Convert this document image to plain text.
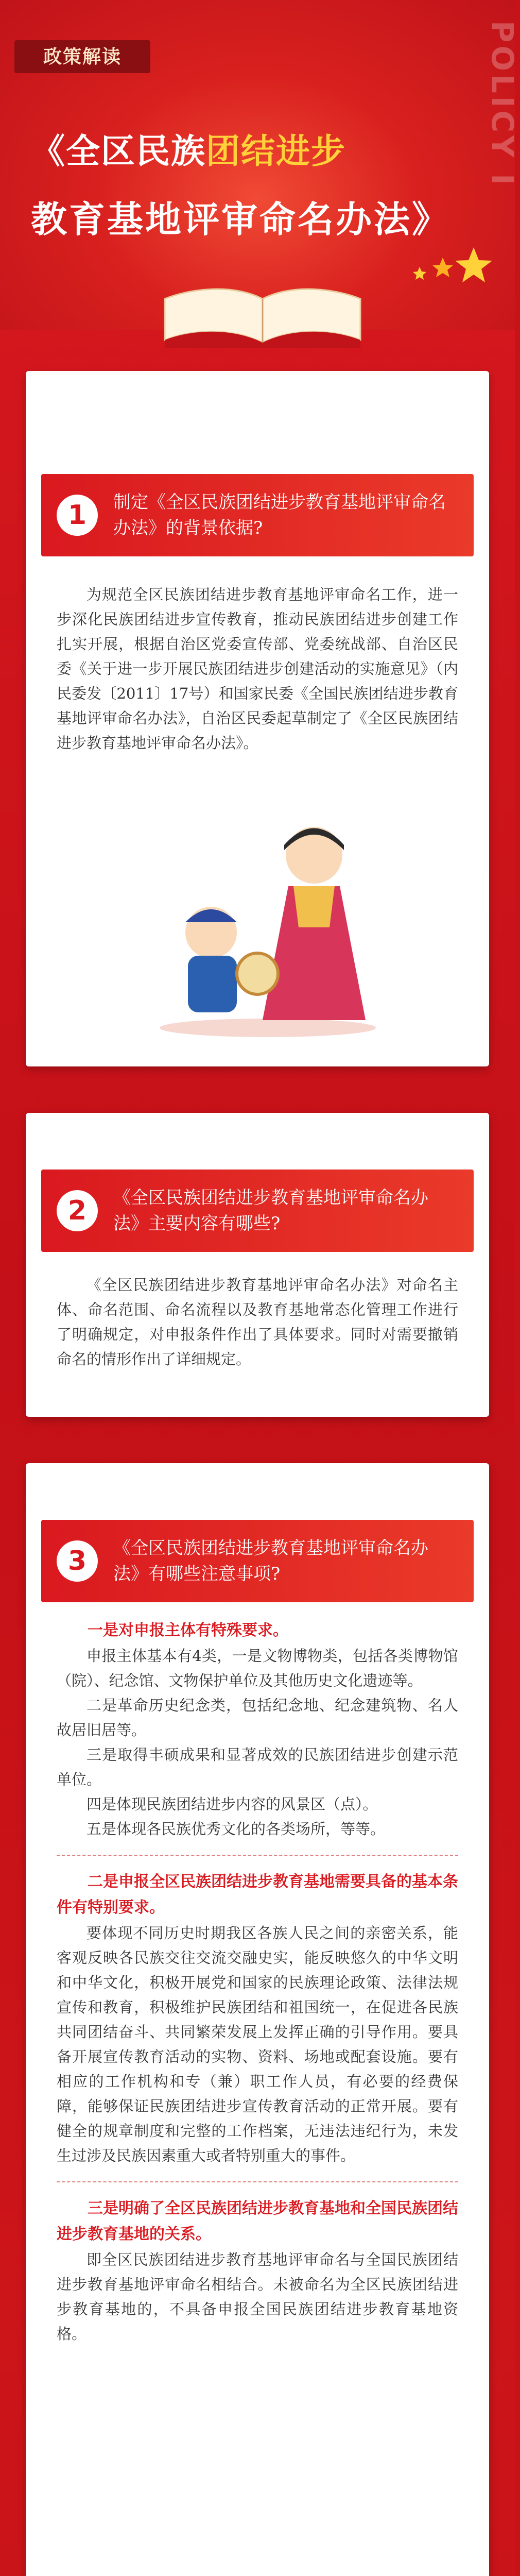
政策解读	POLICY I
《全区民族团结进步
教育基地评审命名办法》
1	制定《全区民族团结进步教育基地评审命名办法》的背景依据?

为规范全区民族团结进步教育基地评审命名工作，进一步深化民族团结进步宣传教育，推动民族团结进步创建工作扎实开展，根据自治区党委宣传部、党委统战部、自治区民委《关于进一步开展民族团结进步创建活动的实施意见》（内民委发〔2011〕17号）和国家民委《全国民族团结进步教育基地评审命名办法》，自治区民委起草制定了《全区民族团结进步教育基地评审命名办法》。

2	《全区民族团结进步教育基地评审命名办法》主要内容有哪些?

《全区民族团结进步教育基地评审命名办法》对命名主体、命名范围、命名流程以及教育基地常态化管理工作进行了明确规定，对申报条件作出了具体要求。同时对需要撤销命名的情形作出了详细规定。

3	《全区民族团结进步教育基地评审命名办法》有哪些注意事项?

一是对申报主体有特殊要求。

申报主体基本有4类，一是文物博物类，包括各类博物馆（院）、纪念馆、文物保护单位及其他历史文化遗迹等。

二是革命历史纪念类，包括纪念地、纪念建筑物、名人故居旧居等。

三是取得丰硕成果和显著成效的民族团结进步创建示范单位。

四是体现民族团结进步内容的风景区（点）。

五是体现各民族优秀文化的各类场所，等等。

二是申报全区民族团结进步教育基地需要具备的基本条件有特别要求。

要体现不同历史时期我区各族人民之间的亲密关系，能客观反映各民族交往交流交融史实，能反映悠久的中华文明和中华文化，积极开展党和国家的民族理论政策、法律法规宣传和教育，积极维护民族团结和祖国统一，在促进各民族共同团结奋斗、共同繁荣发展上发挥正确的引导作用。要具备开展宣传教育活动的实物、资料、场地或配套设施。要有相应的工作机构和专（兼）职工作人员，有必要的经费保障，能够保证民族团结进步宣传教育活动的正常开展。要有健全的规章制度和完整的工作档案，无违法违纪行为，未发生过涉及民族因素重大或者特别重大的事件。

三是明确了全区民族团结进步教育基地和全国民族团结进步教育基地的关系。

即全区民族团结进步教育基地评审命名与全国民族团结进步教育基地评审命名相结合。未被命名为全区民族团结进步教育基地的，不具备申报全国民族团结进步教育基地资格。
